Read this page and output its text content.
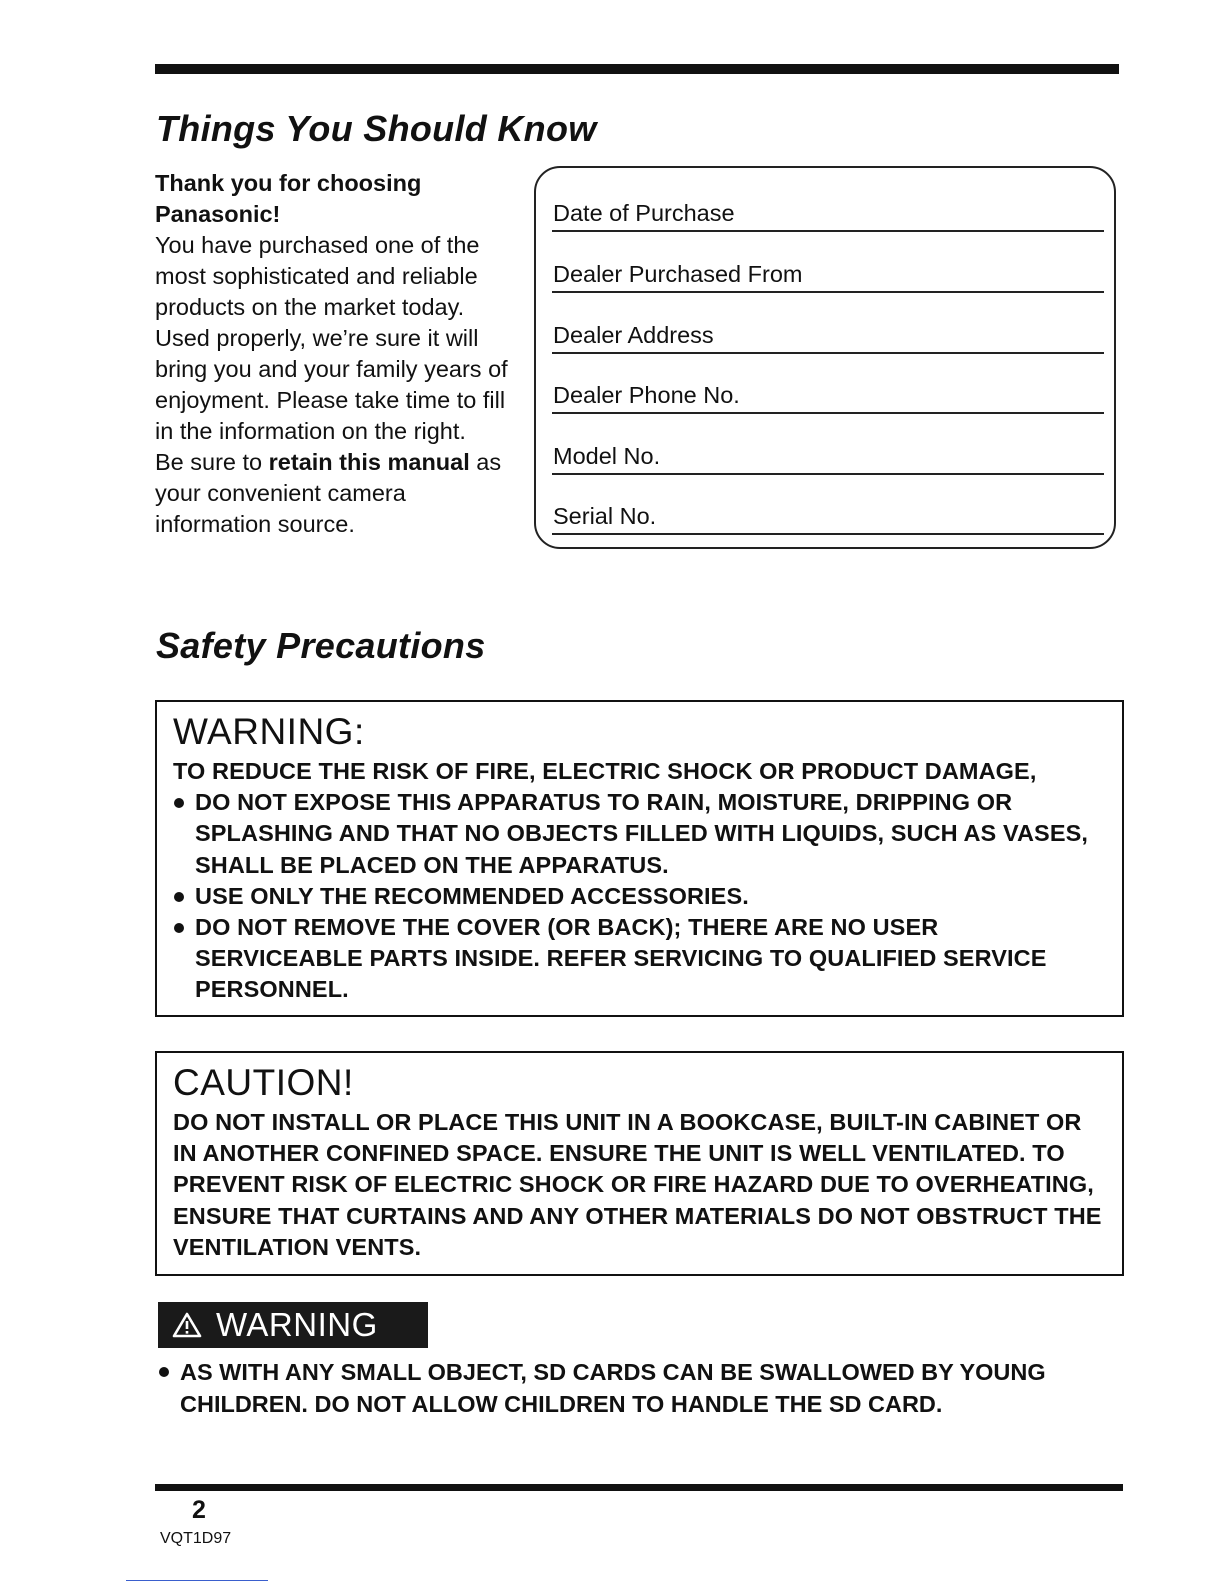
Things You Should Know

Thank you for choosing Panasonic!

You have purchased one of the most sophisticated and reliable products on the market today. Used properly, we’re sure it will bring you and your family years of enjoyment. Please take time to fill in the information on the right.

Be sure to retain this manual as your convenient camera information source.

Date of Purchase
Dealer Purchased From
Dealer Address
Dealer Phone No.
Model No.
Serial No.
Safety Precautions
WARNING:
TO REDUCE THE RISK OF FIRE, ELECTRIC SHOCK OR PRODUCT DAMAGE,
DO NOT EXPOSE THIS APPARATUS TO RAIN, MOISTURE, DRIPPING OR SPLASHING AND THAT NO OBJECTS FILLED WITH LIQUIDS, SUCH AS VASES, SHALL BE PLACED ON THE APPARATUS.
USE ONLY THE RECOMMENDED ACCESSORIES.
DO NOT REMOVE THE COVER (OR BACK); THERE ARE NO USER SERVICEABLE PARTS INSIDE. REFER SERVICING TO QUALIFIED SERVICE PERSONNEL.
CAUTION!
DO NOT INSTALL OR PLACE THIS UNIT IN A BOOKCASE, BUILT-IN CABINET OR IN ANOTHER CONFINED SPACE. ENSURE THE UNIT IS WELL VENTILATED. TO PREVENT RISK OF ELECTRIC SHOCK OR FIRE HAZARD DUE TO OVERHEATING, ENSURE THAT CURTAINS AND ANY OTHER MATERIALS DO NOT OBSTRUCT THE VENTILATION VENTS.
WARNING
AS WITH ANY SMALL OBJECT, SD CARDS CAN BE SWALLOWED BY YOUNG CHILDREN. DO NOT ALLOW CHILDREN TO HANDLE THE SD CARD.
2
VQT1D97
